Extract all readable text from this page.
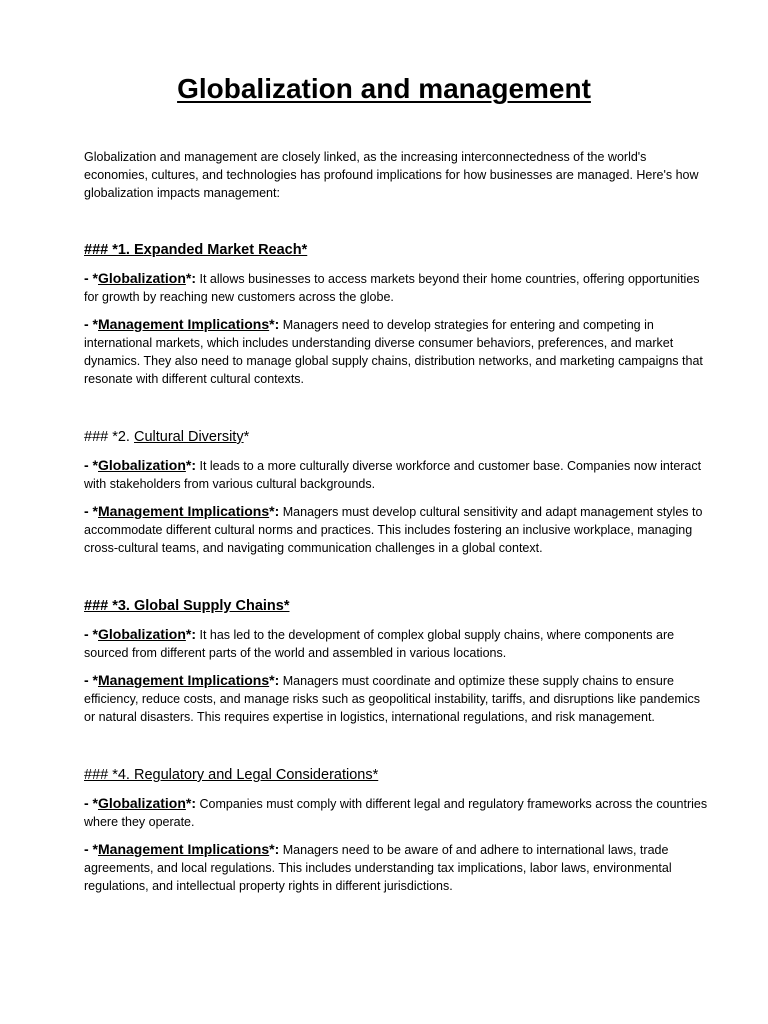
Globalization and management

Globalization and management are closely linked, as the increasing interconnectedness of the world's economies, cultures, and technologies has profound implications for how businesses are managed. Here's how globalization impacts management:

### *1. Expanded Market Reach*

- *Globalization*: It allows businesses to access markets beyond their home countries, offering opportunities for growth by reaching new customers across the globe.

- *Management Implications*: Managers need to develop strategies for entering and competing in international markets, which includes understanding diverse consumer behaviors, preferences, and market dynamics. They also need to manage global supply chains, distribution networks, and marketing campaigns that resonate with different cultural contexts.

### *2. Cultural Diversity*

- *Globalization*: It leads to a more culturally diverse workforce and customer base. Companies now interact with stakeholders from various cultural backgrounds.

- *Management Implications*: Managers must develop cultural sensitivity and adapt management styles to accommodate different cultural norms and practices. This includes fostering an inclusive workplace, managing cross-cultural teams, and navigating communication challenges in a global context.

### *3. Global Supply Chains*

- *Globalization*: It has led to the development of complex global supply chains, where components are sourced from different parts of the world and assembled in various locations.

- *Management Implications*: Managers must coordinate and optimize these supply chains to ensure efficiency, reduce costs, and manage risks such as geopolitical instability, tariffs, and disruptions like pandemics or natural disasters. This requires expertise in logistics, international regulations, and risk management.

### *4. Regulatory and Legal Considerations*

- *Globalization*: Companies must comply with different legal and regulatory frameworks across the countries where they operate.

- *Management Implications*: Managers need to be aware of and adhere to international laws, trade agreements, and local regulations. This includes understanding tax implications, labor laws, environmental regulations, and intellectual property rights in different jurisdictions.
